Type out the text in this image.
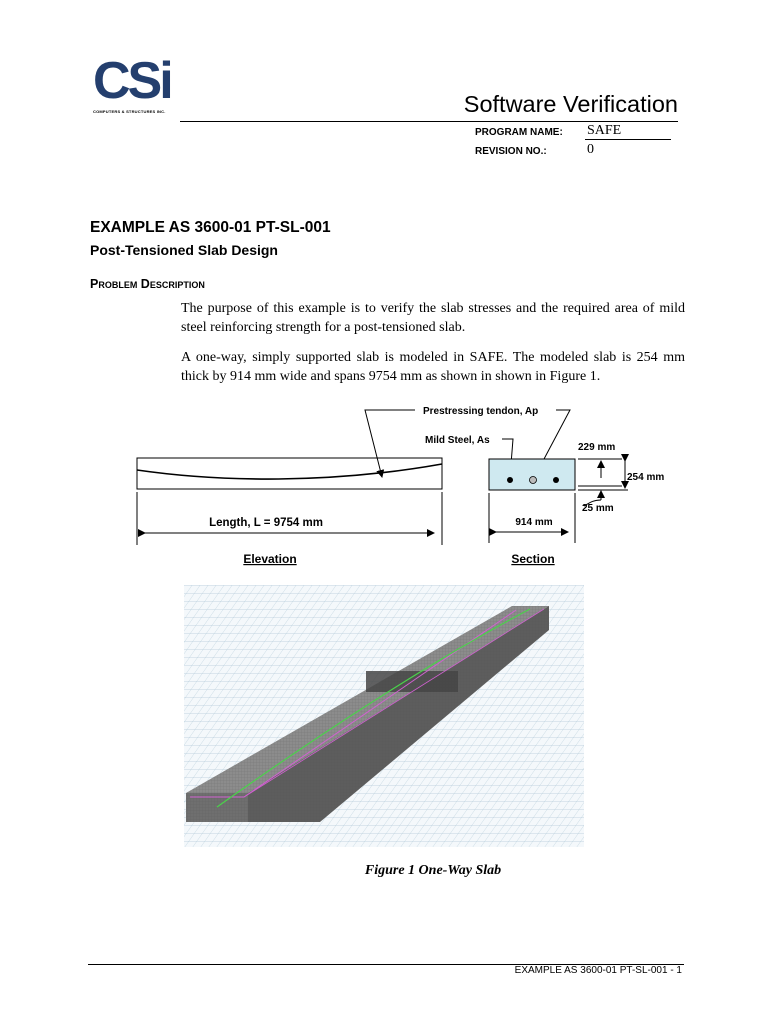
CSi
COMPUTERS & STRUCTURES INC.	Software Verification
PROGRAM NAME: SAFE
REVISION NO.:	0
EXAMPLE AS 3600-01 PT-SL-001
Post-Tensioned Slab Design
Problem Description
The purpose of this example is to verify the slab stresses and the required area of mild steel reinforcing strength for a post-tensioned slab.
A one-way, simply supported slab is modeled in SAFE. The modeled slab is 254 mm thick by 914 mm wide and spans 9754 mm as shown in shown in Figure 1.
Length, L = 9754 mm
Elevation
Prestressing tendon, Ap
Mild Steel, As
229 mm
254 mm
25 mm
914 mm
Section
Figure 1 One-Way Slab
EXAMPLE AS 3600-01 PT-SL-001 - 1
